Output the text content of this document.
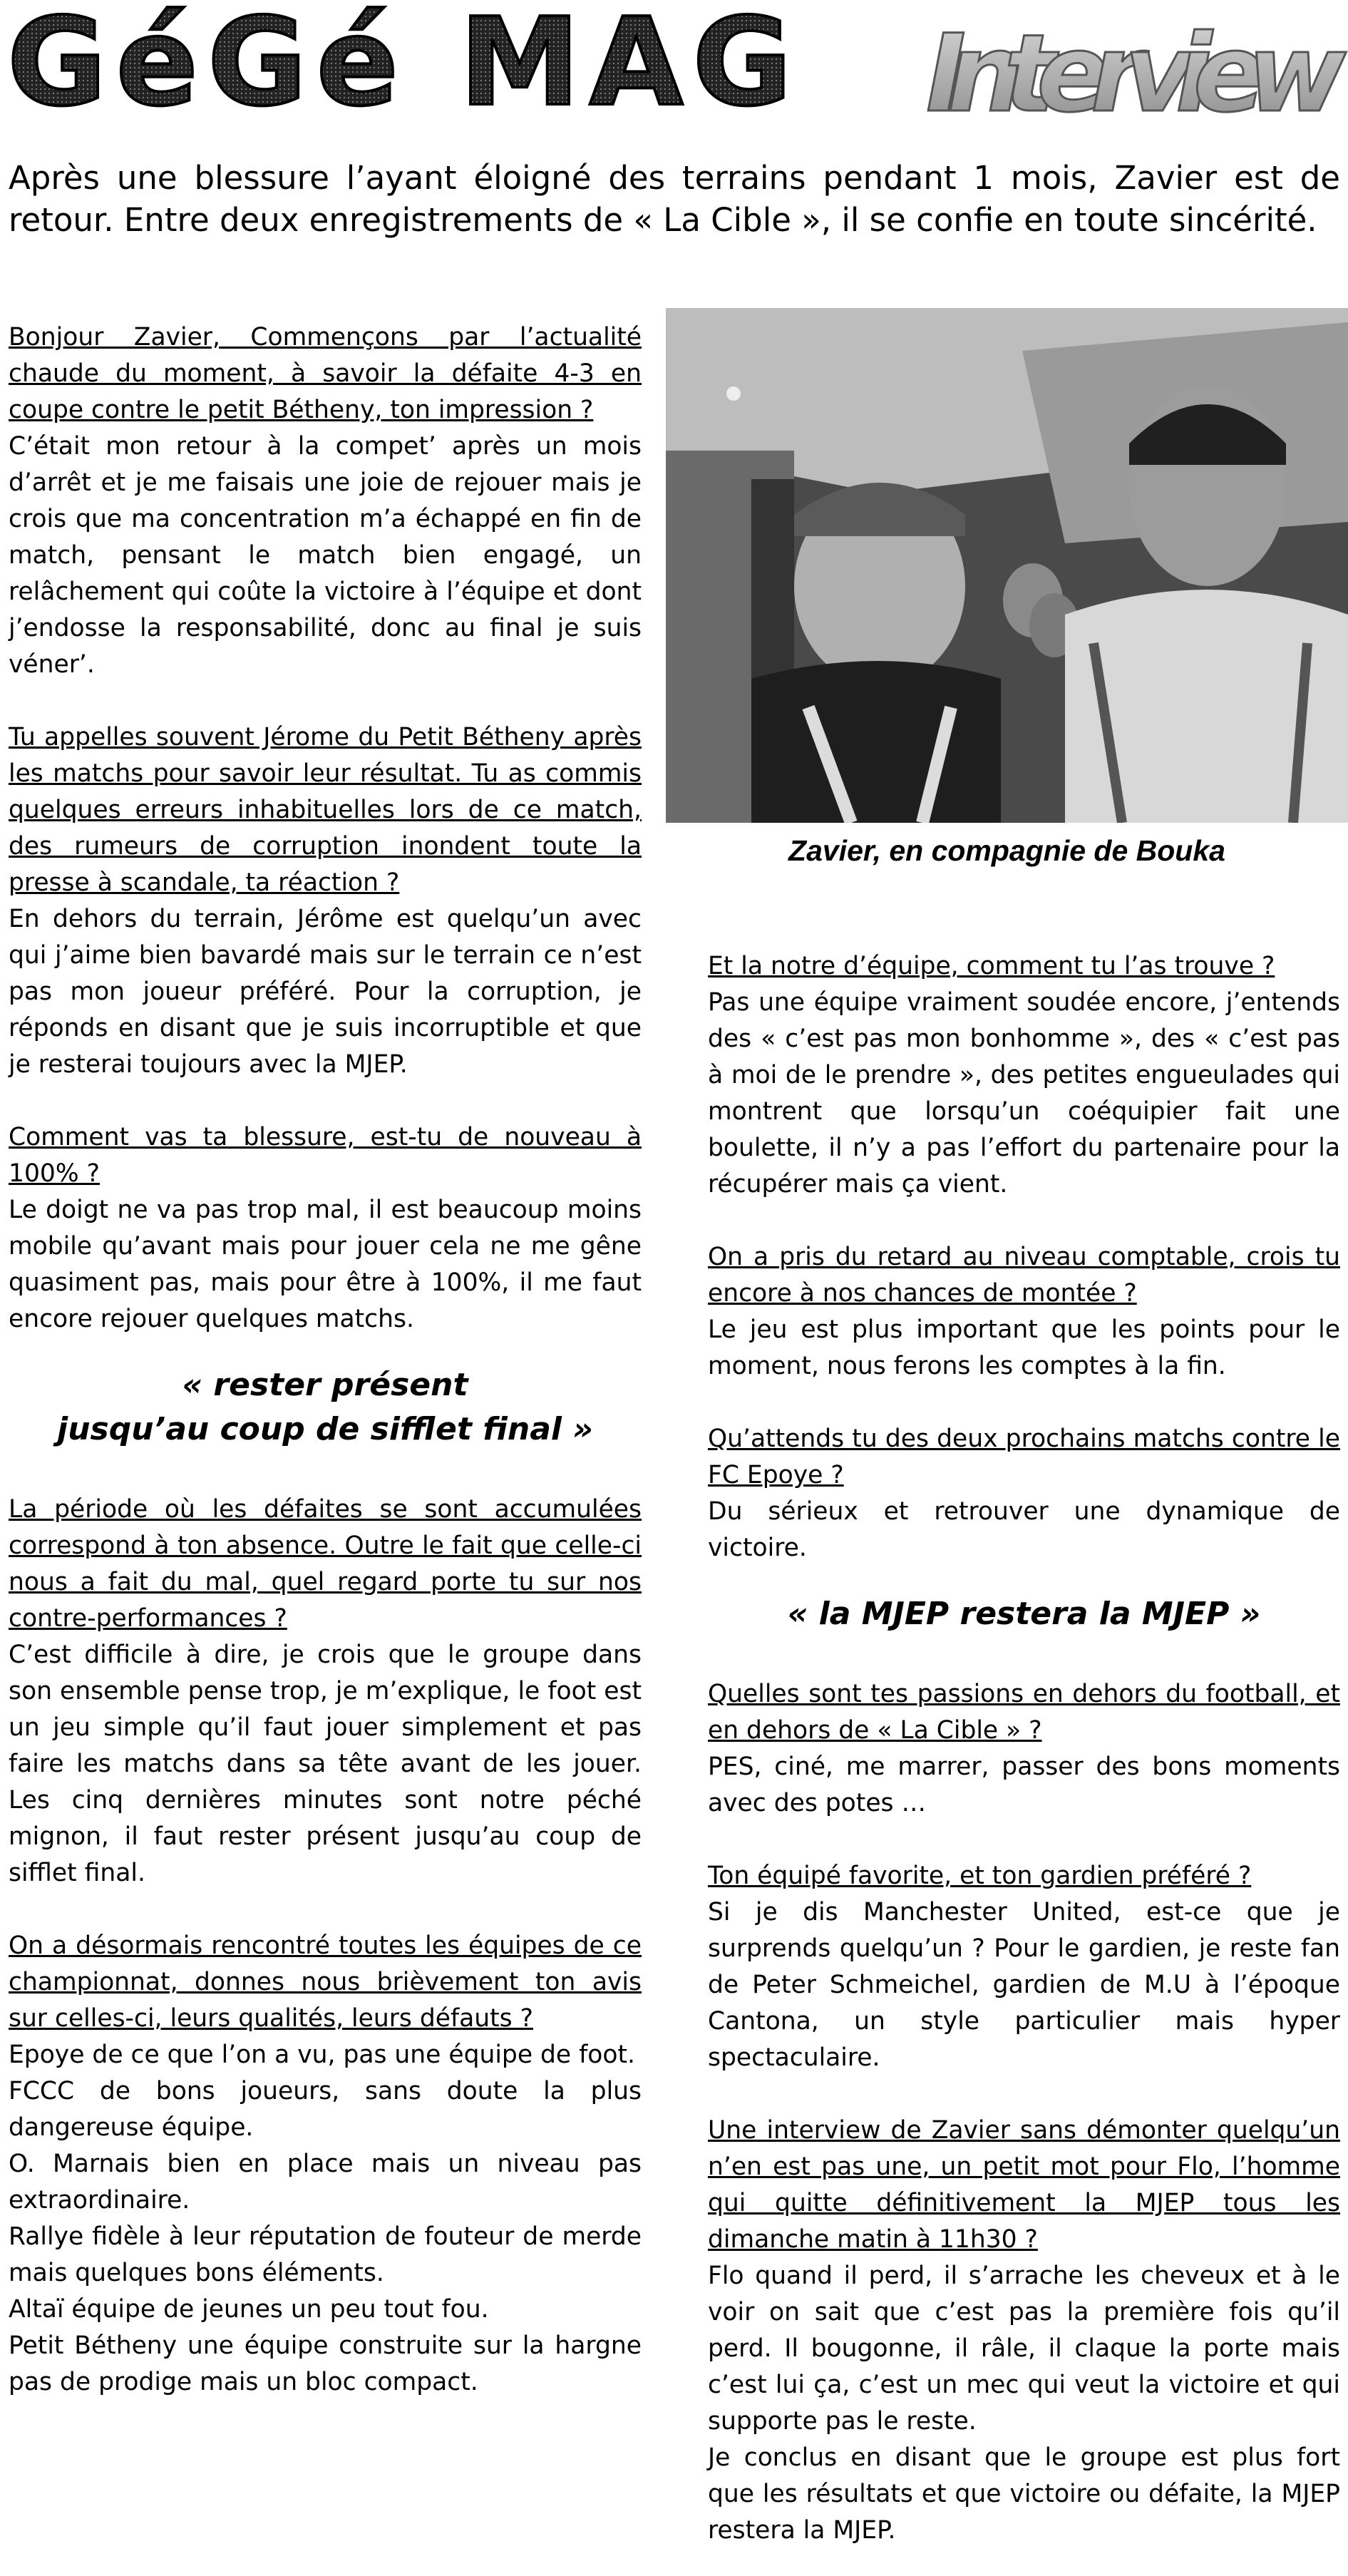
GéGé MAG Interview

Après une blessure l’ayant éloigné des terrains pendant 1 mois, Zavier est de retour. Entre deux enregistrements de « La Cible », il se confie en toute sincérité.

Zavier, en compagnie de Bouka
Bonjour Zavier, Commençons par l’actualité chaude du moment, à savoir la défaite 4-3 en coupe contre le petit Bétheny, ton impression ?
C’était mon retour à la compet’ après un mois d’arrêt et je me faisais une joie de rejouer mais je crois que ma concentration m’a échappé en fin de match, pensant le match bien engagé, un relâchement qui coûte la victoire à l’équipe et dont j’endosse la responsabilité, donc au final je suis véner’.
Tu appelles souvent Jérome du Petit Bétheny après les matchs pour savoir leur résultat. Tu as commis quelques erreurs inhabituelles lors de ce match, des rumeurs de corruption inondent toute la presse à scandale, ta réaction ?
En dehors du terrain, Jérôme est quelqu’un avec qui j’aime bien bavardé mais sur le terrain ce n’est pas mon joueur préféré. Pour la corruption, je réponds en disant que je suis incorruptible et que je resterai toujours avec la MJEP.
Comment vas ta blessure, est-tu de nouveau à 100% ?
Le doigt ne va pas trop mal, il est beaucoup moins mobile qu’avant mais pour jouer cela ne me gêne quasiment pas, mais pour être à 100%, il me faut encore rejouer quelques matchs.
« rester présent
jusqu’au coup de sifflet final »
La période où les défaites se sont accumulées correspond à ton absence. Outre le fait que celle-ci nous a fait du mal, quel regard porte tu sur nos contre-performances ?
C’est difficile à dire, je crois que le groupe dans son ensemble pense trop, je m’explique, le foot est un jeu simple qu’il faut jouer simplement et pas faire les matchs dans sa tête avant de les jouer. Les cinq dernières minutes sont notre péché mignon, il faut rester présent jusqu’au coup de sifflet final.
On a désormais rencontré toutes les équipes de ce championnat, donnes nous brièvement ton avis sur celles-ci, leurs qualités, leurs défauts ?
Epoye de ce que l’on a vu, pas une équipe de foot.
FCCC de bons joueurs, sans doute la plus dangereuse équipe.
O. Marnais bien en place mais un niveau pas extraordinaire.
Rallye fidèle à leur réputation de fouteur de merde mais quelques bons éléments.
Altaï équipe de jeunes un peu tout fou.
Petit Bétheny une équipe construite sur la hargne pas de prodige mais un bloc compact.
Et la notre d’équipe, comment tu l’as trouve ?
Pas une équipe vraiment soudée encore, j’entends des « c’est pas mon bonhomme », des « c’est pas à moi de le prendre », des petites engueulades qui montrent que lorsqu’un coéquipier fait une boulette, il n’y a pas l’effort du partenaire pour la récupérer mais ça vient.
On a pris du retard au niveau comptable, crois tu encore à nos chances de montée ?
Le jeu est plus important que les points pour le moment, nous ferons les comptes à la fin.
Qu’attends tu des deux prochains matchs contre le FC Epoye ?
Du sérieux et retrouver une dynamique de victoire.
« la MJEP restera la MJEP »
Quelles sont tes passions en dehors du football, et en dehors de « La Cible » ?
PES, ciné, me marrer, passer des bons moments avec des potes …
Ton équipé favorite, et ton gardien préféré ?
Si je dis Manchester United, est-ce que je surprends quelqu’un ? Pour le gardien, je reste fan de Peter Schmeichel, gardien de M.U à l’époque Cantona, un style particulier mais hyper spectaculaire.
Une interview de Zavier sans démonter quelqu’un n’en est pas une, un petit mot pour Flo, l’homme qui quitte définitivement la MJEP tous les dimanche matin à 11h30 ?
Flo quand il perd, il s’arrache les cheveux et à le voir on sait que c’est pas la première fois qu’il perd. Il bougonne, il râle, il claque la porte mais c’est lui ça, c’est un mec qui veut la victoire et qui supporte pas le reste.
Je conclus en disant que le groupe est plus fort que les résultats et que victoire ou défaite, la MJEP restera la MJEP.
